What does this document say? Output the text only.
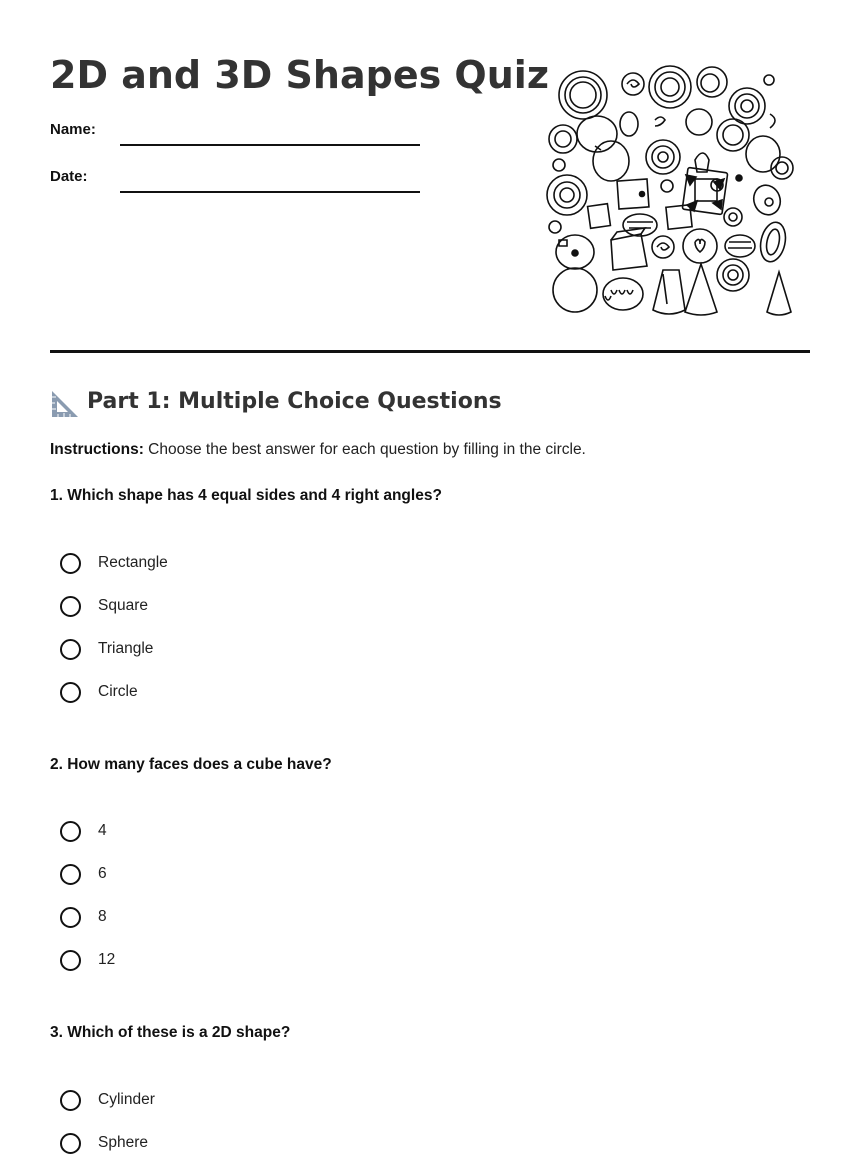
2D and 3D Shapes Quiz
Name:
Date:
Part 1: Multiple Choice Questions
Instructions: Choose the best answer for each question by filling in the circle.
1. Which shape has 4 equal sides and 4 right angles?
Rectangle
Square
Triangle
Circle
2. How many faces does a cube have?
4
6
8
12
3. Which of these is a 2D shape?
Cylinder
Sphere
